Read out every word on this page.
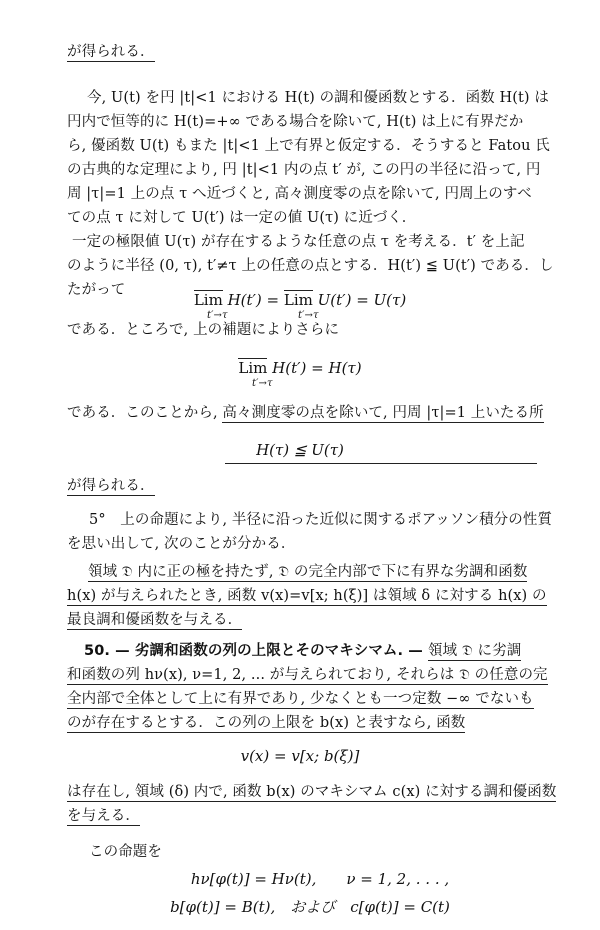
が得られる．
今, U(t) を円 |t|<1 における H(t) の調和優函数とする．函数 H(t) は
円内で恒等的に H(t)=+∞ である場合を除いて, H(t) は上に有界だか
ら, 優函数 U(t) もまた |t|<1 上で有界と仮定する．そうすると Fatou 氏
の古典的な定理により, 円 |t|<1 内の点 t′ が, この円の半径に沿って, 円
周 |τ|=1 上の点 τ へ近づくと, 高々測度零の点を除いて, 円周上のすべ
ての点 τ に対して U(t′) は一定の値 U(τ) に近づく．
一定の極限値 U(τ) が存在するような任意の点 τ を考える．t′ を上記
のように半径 (0, τ), t′≠τ 上の任意の点とする．H(t′) ≦ U(t′) である．し
たがって
Lim H(t′) = Lim U(t′) = U(τ)
t′→τ	t′→τ
である．ところで, 上の補題によりさらに
Lim H(t′) = H(τ)
t′→τ
である．このことから, 高々測度零の点を除いて, 円周 |τ|=1 上いたる所
H(τ) ≦ U(τ)
が得られる．
5°　上の命題により, 半径に沿った近似に関するポアッソン積分の性質
を思い出して, 次のことが分かる．
領域 𝔇 内に正の極を持たず, 𝔇 の完全内部で下に有界な劣調和函数
h(x) が与えられたとき, 函数 v(x)=v[x; h(ξ)] は領域 δ に対する h(x) の
最良調和優函数を与える．
50. — 劣調和函数の列の上限とそのマキシマム. — 領域 𝔇 に劣調
和函数の列 hν(x), ν=1, 2, ... が与えられており, それらは 𝔇 の任意の完
全内部で全体として上に有界であり, 少なくとも一つ定数 −∞ でないも
のが存在するとする．この列の上限を b(x) と表すなら, 函数
v(x) = v[x; b(ξ)]
は存在し, 領域 (δ) 内で, 函数 b(x) のマキシマム c(x) に対する調和優函数
を与える．
この命題を
hν[φ(t)] = Hν(t),　　ν = 1, 2, . . . ,
b[φ(t)] = B(t),　および　c[φ(t)] = C(t)
